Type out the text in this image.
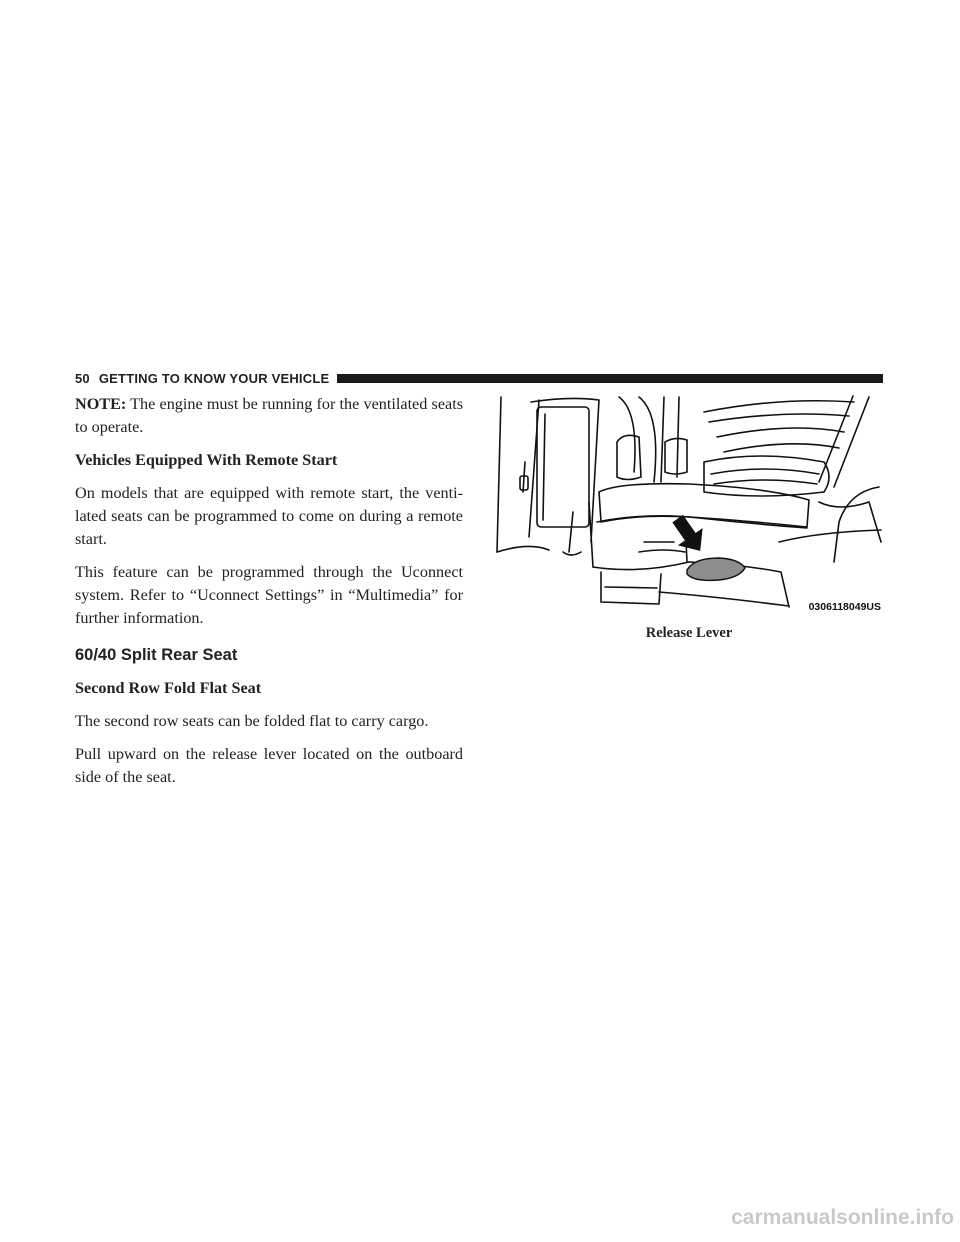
50 GETTING TO KNOW YOUR VEHICLE

NOTE: The engine must be running for the ventilated seats to operate.

Vehicles Equipped With Remote Start

On models that are equipped with remote start, the venti-lated seats can be programmed to come on during a remote start.

This feature can be programmed through the Uconnect system. Refer to “Uconnect Settings” in “Multimedia” for further information.

60/40 Split Rear Seat
Second Row Fold Flat Seat

The second row seats can be folded flat to carry cargo.

Pull upward on the release lever located on the outboard side of the seat.

0306118049US
Release Lever
carmanualsonline.info
